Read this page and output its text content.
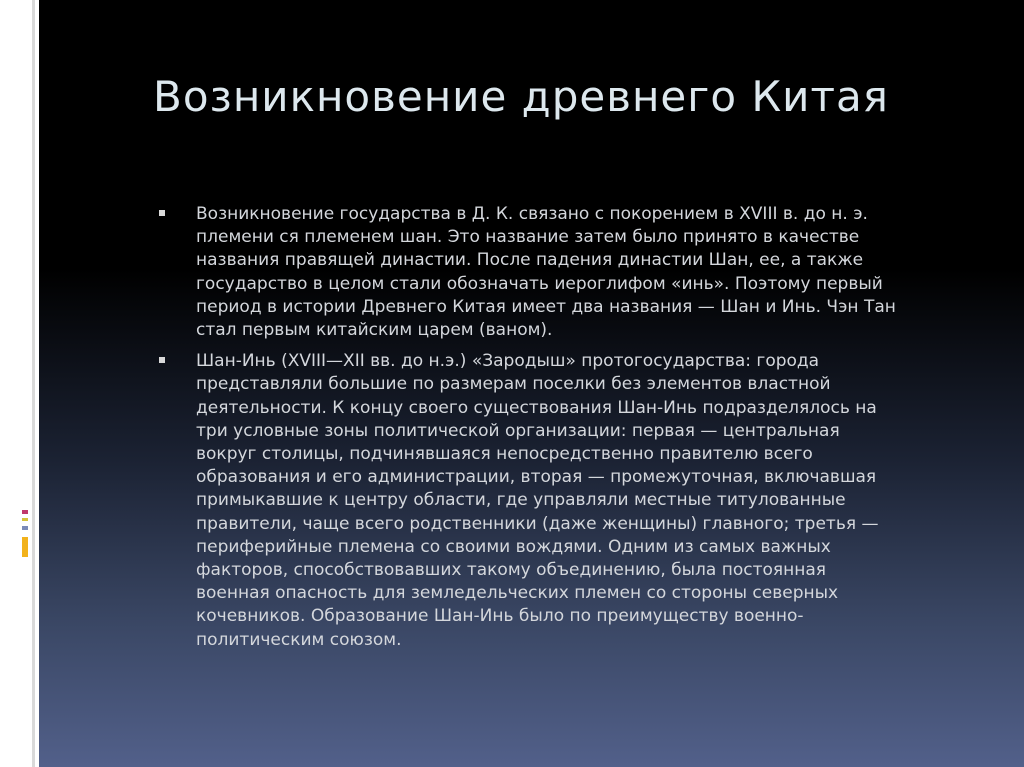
Возникновение древнего Китая
Возникновение государства в Д. К. связано с покорением в XVIII в. до н. э.
племени ся племенем шан. Это название затем было принято в качестве
названия правящей династии. После падения династии Шан, ее, а также
государство в целом стали обозначать иероглифом «инь». Поэтому первый
период в истории Древнего Китая имеет два названия — Шан и Инь. Чэн Тан
стал первым китайским царем (ваном).
Шан-Инь (XVIII—XII вв. до н.э.) «Зародыш» протогосударства: города
представляли большие по размерам поселки без элементов властной
деятельности. К концу своего существования Шан-Инь подразделялось на
три условные зоны политической организации: первая — центральная
вокруг столицы, подчинявшаяся непосредственно правителю всего
образования и его администрации, вторая — промежуточная, включавшая
примыкавшие к центру области, где управляли местные титулованные
правители, чаще всего родственники (даже женщины) главного; третья —
периферийные племена со своими вождями. Одним из самых важных
факторов, способствовавших такому объединению, была постоянная
военная опасность для земледельческих племен со стороны северных
кочевников. Образование Шан-Инь было по преимуществу военно-
политическим союзом.
